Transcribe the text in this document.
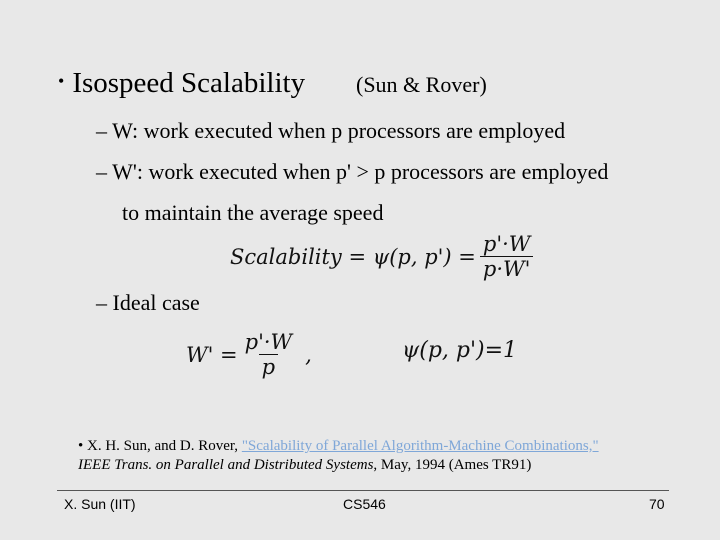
• Isospeed Scalability (Sun & Rover)
– W: work executed when p processors are employed
– W': work executed when p' > p processors are employed
to maintain the average speed
Scalability = ψ(p, $p') = \frac{p'\cdot W}{p\cdot W'}$
– Ideal case
$W' = \frac{p'\cdot W}{p}$ ,	ψ(p, p')=1
• X. H. Sun, and D. Rover, "Scalability of Parallel Algorithm-Machine Combinations,"
IEEE Trans. on Parallel and Distributed Systems, May, 1994 (Ames TR91)
X. Sun (IIT)	CS546	70
